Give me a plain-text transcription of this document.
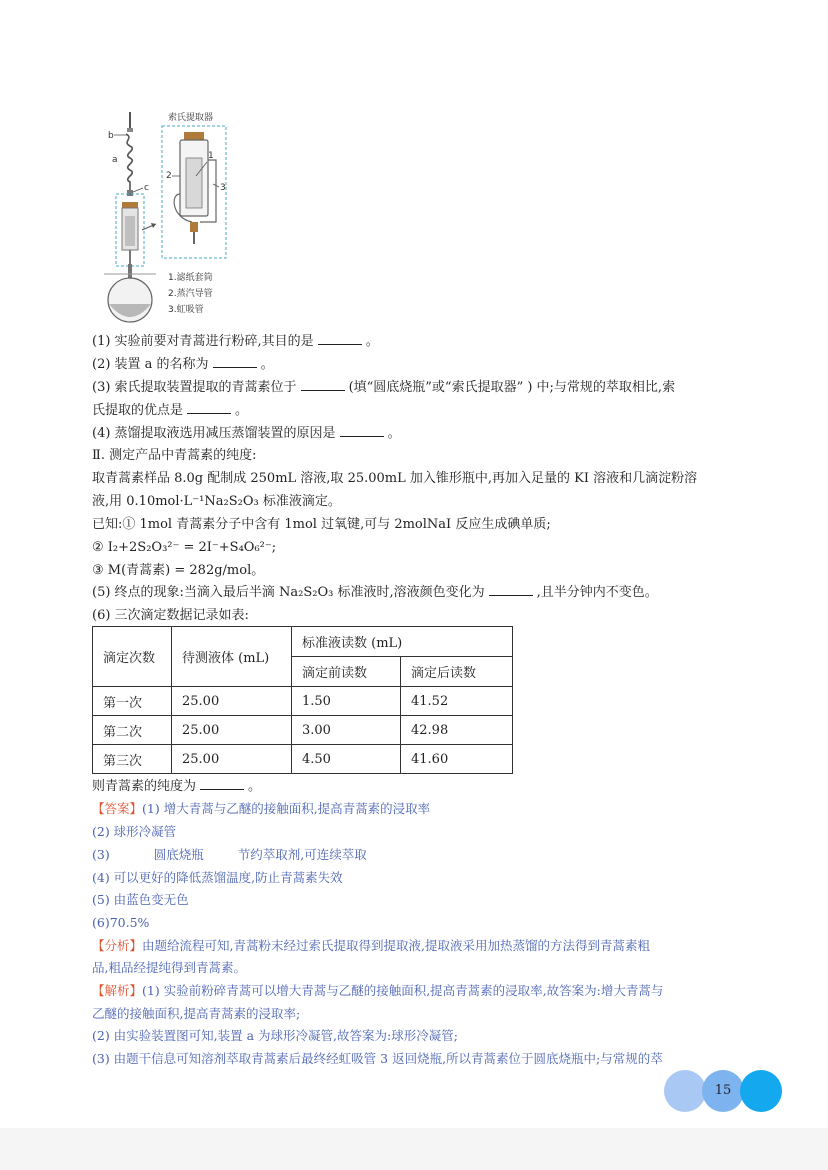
b
a
c
索氏提取器
1
2
3
1.滤纸套筒
2.蒸汽导管
3.虹吸管
(1) 实验前要对青蒿进行粉碎,其目的是	。
(2) 装置 a 的名称为	。
(3) 索氏提取装置提取的青蒿素位于	(填“圆底烧瓶”或“索氏提取器” ) 中;与常规的萃取相比,索
氏提取的优点是	。
(4) 蒸馏提取液选用减压蒸馏装置的原因是	。
Ⅱ. 测定产品中青蒿素的纯度:
取青蒿素样品 8.0g 配制成 250mL 溶液,取 25.00mL 加入锥形瓶中,再加入足量的 KI 溶液和几滴淀粉溶
液,用 0.10mol·L⁻¹Na₂S₂O₃ 标准液滴定。
已知:① 1mol 青蒿素分子中含有 1mol 过氧键,可与 2molNaI 反应生成碘单质;
② I₂+2S₂O₃²⁻ = 2I⁻+S₄O₆²⁻;
③ M(青蒿素) = 282g/mol。
(5) 终点的现象:当滴入最后半滴 Na₂S₂O₃ 标准液时,溶液颜色变化为	,且半分钟内不变色。
(6) 三次滴定数据记录如表:
滴定次数	待测液体 (mL)	标准液读数 (mL)	
		滴定前读数	滴定后读数
第一次	25.00	1.50	41.52
第二次	25.00	3.00	42.98
第三次	25.00	4.50	41.60
则青蒿素的纯度为	。
【答案】(1) 增大青蒿与乙醚的接触面积,提高青蒿素的浸取率
(2) 球形冷凝管
(3)	圆底烧瓶	节约萃取剂,可连续萃取
(4) 可以更好的降低蒸馏温度,防止青蒿素失效
(5) 由蓝色变无色
(6)70.5%
【分析】由题给流程可知,青蒿粉末经过索氏提取得到提取液,提取液采用加热蒸馏的方法得到青蒿素粗
品,粗品经提纯得到青蒿素。
【解析】(1) 实验前粉碎青蒿可以增大青蒿与乙醚的接触面积,提高青蒿素的浸取率,故答案为:增大青蒿与
乙醚的接触面积,提高青蒿素的浸取率;
(2) 由实验装置图可知,装置 a 为球形冷凝管,故答案为:球形冷凝管;
(3) 由题干信息可知溶剂萃取青蒿素后最终经虹吸管 3 返回烧瓶,所以青蒿素位于圆底烧瓶中;与常规的萃
15
